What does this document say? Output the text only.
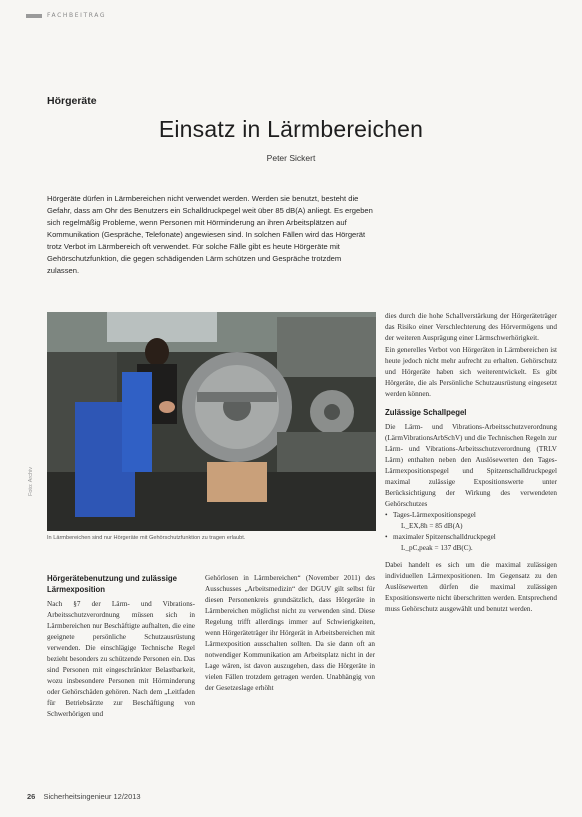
FACHBEITRAG
Hörgeräte
Einsatz in Lärmbereichen
Peter Sickert
Hörgeräte dürfen in Lärmbereichen nicht verwendet werden. Werden sie benutzt, besteht die Gefahr, dass am Ohr des Benutzers ein Schalldruckpegel weit über 85 dB(A) anliegt. Es ergeben sich regelmäßig Probleme, wenn Personen mit Hörminderung an ihren Arbeitsplätzen auf Kommunikation (Gespräche, Telefonate) angewiesen sind. In solchen Fällen wird das Hörgerät trotz Verbot im Lärmbereich oft verwendet. Für solche Fälle gibt es heute Hörgeräte mit Gehörschutzfunktion, die gegen schädigenden Lärm schützen und Gespräche trotzdem zulassen.
Foto: Archiv
In Lärmbereichen sind nur Hörgeräte mit Gehörschutzfunktion zu tragen erlaubt.
Hörgerätebenutzung und zulässige Lärmexposition

Nach §7 der Lärm- und Vibrations-Arbeitsschutzverordnung müssen sich in Lärmbereichen nur Beschäftigte aufhalten, die eine geeignete persönliche Schutzausrüstung verwenden. Die einschlägige Technische Regel bezieht besonders zu schützende Personen ein. Das sind Personen mit eingeschränkter Belastbarkeit, wozu insbesondere Personen mit Hörminderung oder Gehörschäden gehören. Nach dem „Leitfaden für Betriebsärzte zur Beschäftigung von Schwerhörigen und

Gehörlosen in Lärmbereichen“ (November 2011) des Ausschusses „Arbeitsmedizin“ der DGUV gilt selbst für diesen Personenkreis grundsätzlich, dass Hörgeräte in Lärmbereichen möglichst nicht zu verwenden sind. Diese Regelung trifft allerdings immer auf Schwierigkeiten, wenn Hörgeräteträger ihr Hörgerät in Arbeitsbereichen mit Lärmexposition ausschalten sollten. Da sie dann oft an notwendiger Kommunikation am Arbeitsplatz nicht in der Lage wären, ist davon auszugehen, dass die Hörgeräte in vielen Fällen trotzdem getragen werden. Unabhängig von der Gesetzeslage erhöht

dies durch die hohe Schallverstärkung der Hörgeräteträger das Risiko einer Verschlechterung des Hörvermögens und der weiteren Ausprägung einer Lärmschwerhörigkeit.

Ein generelles Verbot von Hörgeräten in Lärmbereichen ist heute jedoch nicht mehr aufrecht zu erhalten. Gehörschutz und Hörgeräte haben sich weiterentwickelt. Es gibt Hörgeräte, die als Persönliche Schutzausrüstung eingesetzt werden können.

Zulässige Schallpegel

Die Lärm- und Vibrations-Arbeitsschutzverordnung (LärmVibrationsArbSchV) und die Technischen Regeln zur Lärm- und Vibrations-Arbeitsschutzverordnung (TRLV Lärm) enthalten neben den Auslösewerten den Tages-Lärmexpositionspegel und Spitzenschalldruckpegel maximal zulässige Expositionswerte unter Berücksichtigung der Wirkung des verwendeten Gehörschutzes

• Tages-Lärmexpositionspegel
L_EX,8h = 85 dB(A)
• maximaler Spitzenschalldruckpegel
L_pC,peak = 137 dB(C).

Dabei handelt es sich um die maximal zulässigen individuellen Lärmexpositionen. Im Gegensatz zu den Auslösewerten dürfen die maximal zulässigen Expositionswerte nicht überschritten werden. Entsprechend muss Gehörschutz ausgewählt und benutzt werden.

26 Sicherheitsingenieur 12/2013
